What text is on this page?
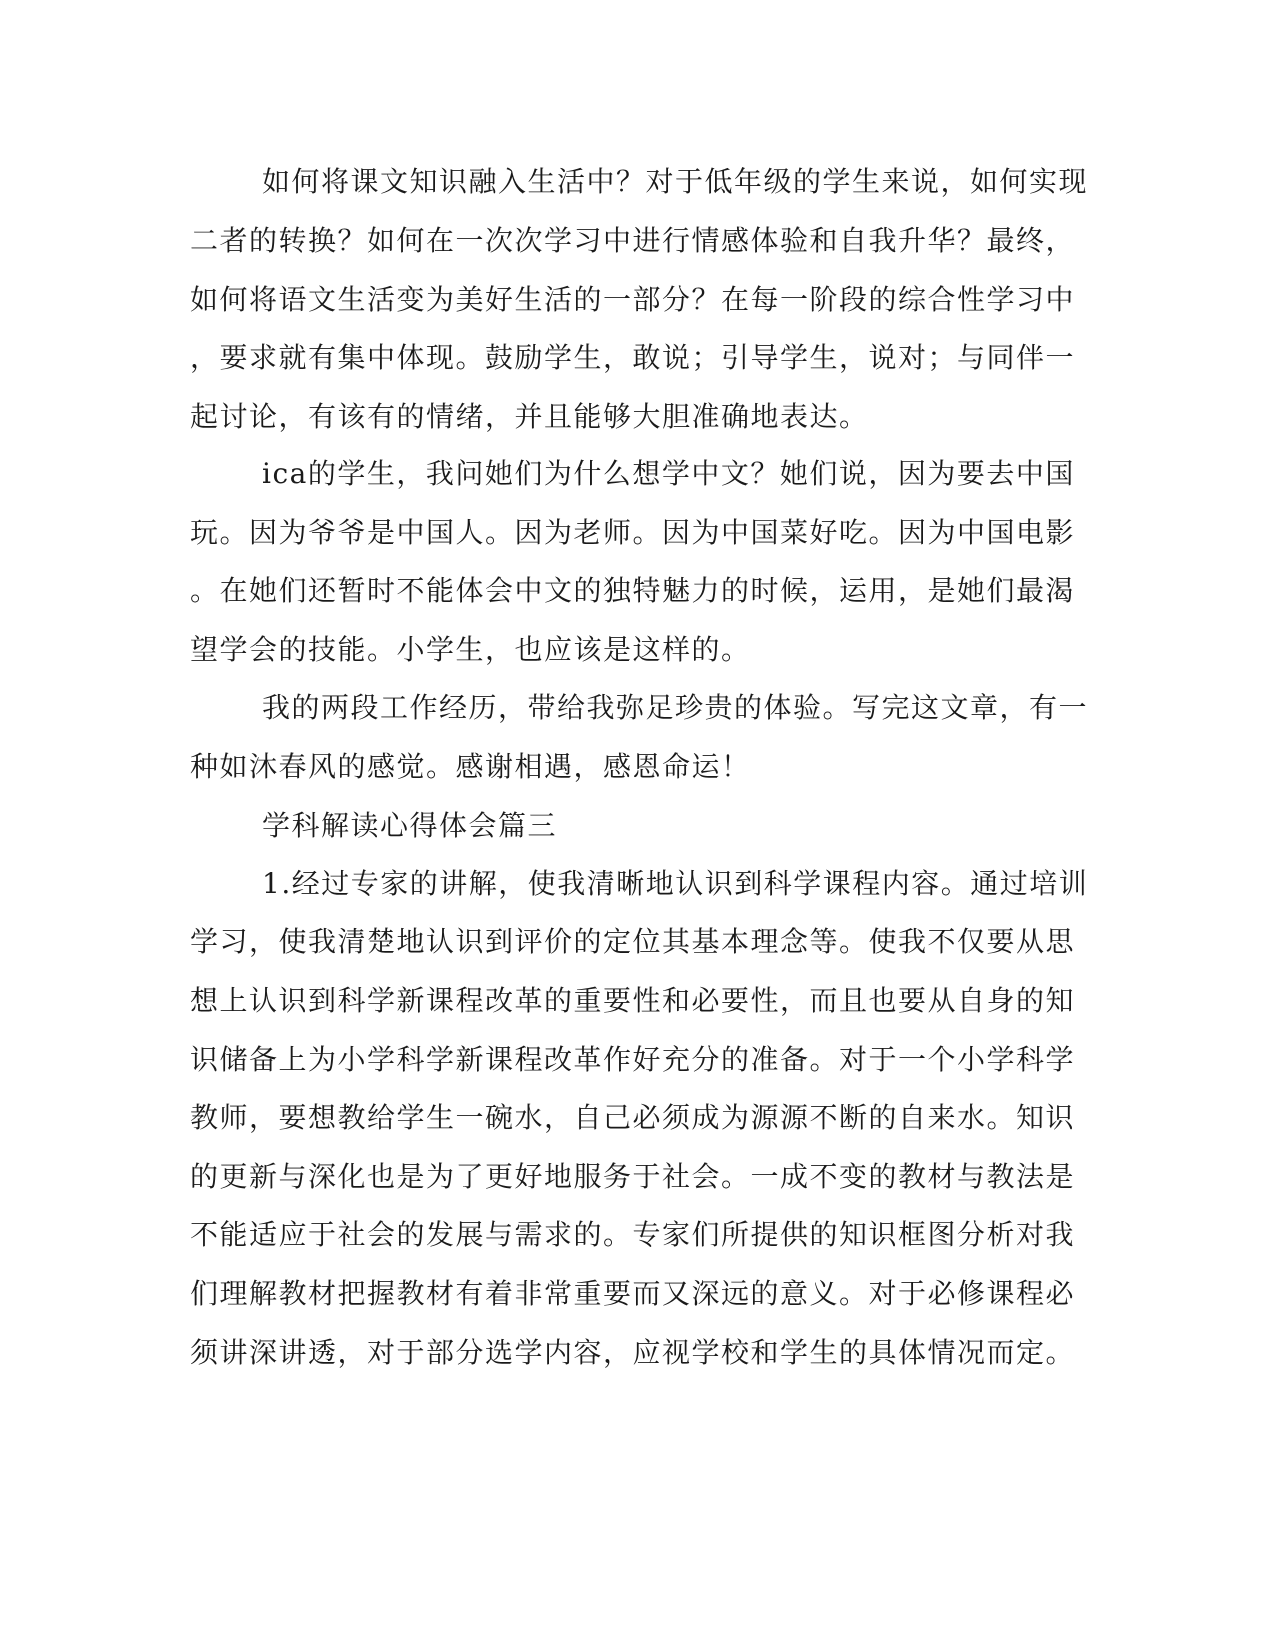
如何将课文知识融入生活中？对于低年级的学生来说，如何实现
二者的转换？如何在一次次学习中进行情感体验和自我升华？最终，
如何将语文生活变为美好生活的一部分？在每一阶段的综合性学习中
，要求就有集中体现。鼓励学生，敢说；引导学生，说对；与同伴一
起讨论，有该有的情绪，并且能够大胆准确地表达。
ica的学生，我问她们为什么想学中文？她们说，因为要去中国
玩。因为爷爷是中国人。因为老师。因为中国菜好吃。因为中国电影
。在她们还暂时不能体会中文的独特魅力的时候，运用，是她们最渴
望学会的技能。小学生，也应该是这样的。
我的两段工作经历，带给我弥足珍贵的体验。写完这文章，有一
种如沐春风的感觉。感谢相遇，感恩命运！
学科解读心得体会篇三
1.经过专家的讲解，使我清晰地认识到科学课程内容。通过培训
学习，使我清楚地认识到评价的定位其基本理念等。使我不仅要从思
想上认识到科学新课程改革的重要性和必要性，而且也要从自身的知
识储备上为小学科学新课程改革作好充分的准备。对于一个小学科学
教师，要想教给学生一碗水，自己必须成为源源不断的自来水。知识
的更新与深化也是为了更好地服务于社会。一成不变的教材与教法是
不能适应于社会的发展与需求的。专家们所提供的知识框图分析对我
们理解教材把握教材有着非常重要而又深远的意义。对于必修课程必
须讲深讲透，对于部分选学内容，应视学校和学生的具体情况而定。
